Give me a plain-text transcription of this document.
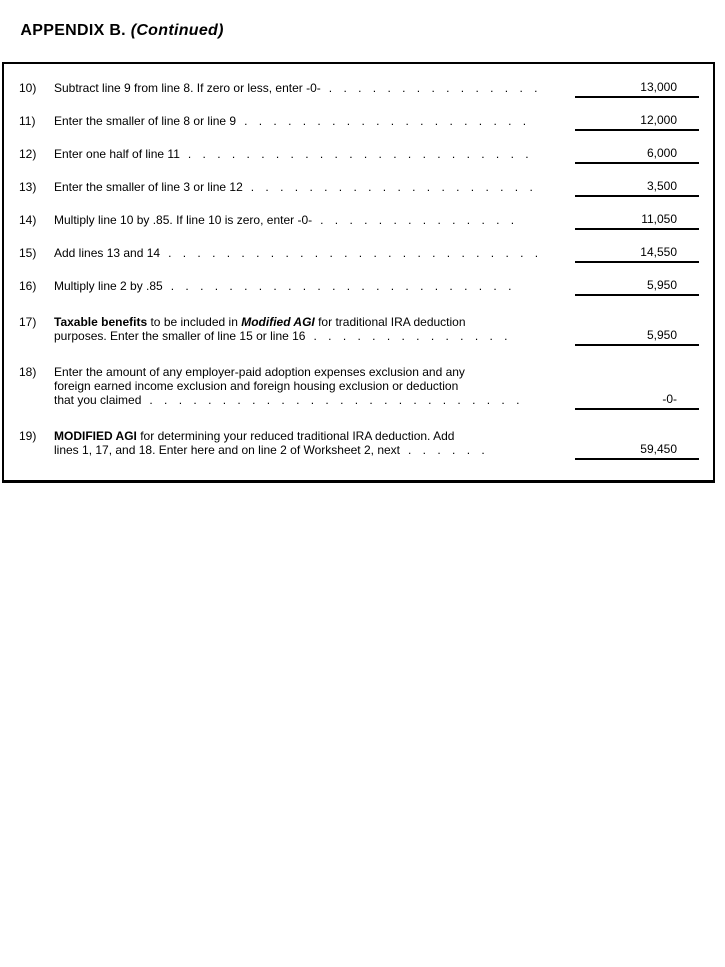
APPENDIX B. (Continued)

10)	Subtract line 9 from line 8. If zero or less, enter -0- . . . . . . . . . . . . . . .	13,000
11)	Enter the smaller of line 8 or line 9 . . . . . . . . . . . . . . . . . . . .	12,000
12)	Enter one half of line 11 . . . . . . . . . . . . . . . . . . . . . . . .	6,000
13)	Enter the smaller of line 3 or line 12 . . . . . . . . . . . . . . . . . . . .	3,500
14)	Multiply line 10 by .85. If line 10 is zero, enter -0- . . . . . . . . . . . . . .	11,050
15)	Add lines 13 and 14 . . . . . . . . . . . . . . . . . . . . . . . . . .	14,550
16)	Multiply line 2 by .85 . . . . . . . . . . . . . . . . . . . . . . . .	5,950
17)	Taxable benefits to be included in Modified AGI for traditional IRA deduction
purposes. Enter the smaller of line 15 or line 16 . . . . . . . . . . . . . .	5,950
18)	Enter the amount of any employer-paid adoption expenses exclusion and any
foreign earned income exclusion and foreign housing exclusion or deduction
that you claimed . . . . . . . . . . . . . . . . . . . . . . . . . .	-0-
19)	MODIFIED AGI for determining your reduced traditional IRA deduction. Add
lines 1, 17, and 18. Enter here and on line 2 of Worksheet 2, next . . . . . .	59,450
